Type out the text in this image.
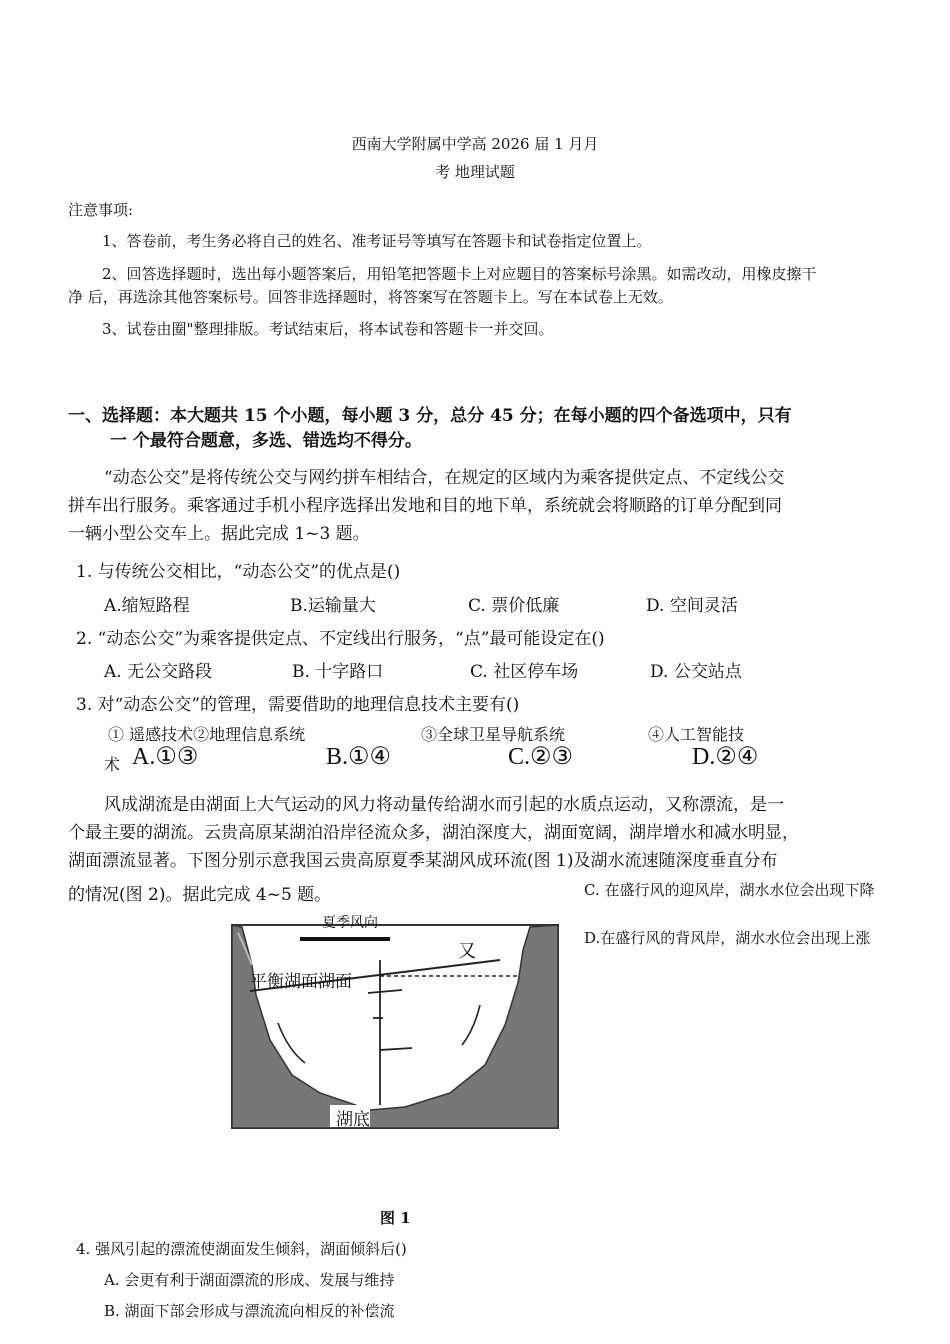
西南大学附属中学高 2026 届 1 月月
考 地理试题
注意事项:
1、答卷前，考生务必将自己的姓名、准考证号等填写在答题卡和试卷指定位置上。
2、回答选择题时，选出每小题答案后，用铅笔把答题卡上对应题目的答案标号涂黑。如需改动，用橡皮擦干
净 后，再选涂其他答案标号。回答非选择题时，将答案写在答题卡上。写在本试卷上无效。
3、试卷由圈"整理排版。考试结束后，将本试卷和答题卡一并交回。
一、选择题：本大题共 15 个小题，每小题 3 分，总分 45 分；在每小题的四个备选项中，只有
一 个最符合题意，多选、错选均不得分。
“动态公交”是将传统公交与网约拼车相结合，在规定的区域内为乘客提供定点、不定线公交
拼车出行服务。乘客通过手机小程序选择出发地和目的地下单，系统就会将顺路的订单分配到同
一辆小型公交车上。据此完成 1~3 题。
1. 与传统公交相比，“动态公交”的优点是()
A.缩短路程	B.运输量大	C. 票价低廉	D. 空间灵活
2. “动态公交”为乘客提供定点、不定线出行服务，“点”最可能设定在()
A. 无公交路段	B. 十字路口	C. 社区停车场	D. 公交站点
3. 对“动态公交”的管理，需要借助的地理信息技术主要有()
① 遥感技术②地理信息系统	③全球卫星导航系统	④人工智能技
术 A.①③	B.①④	C.②③	D.②④
风成湖流是由湖面上大气运动的风力将动量传给湖水而引起的水质点运动，又称漂流，是一
个最主要的湖流。云贵高原某湖泊沿岸径流众多，湖泊深度大，湖面宽阔，湖岸增水和减水明显，
湖面漂流显著。下图分别示意我国云贵高原夏季某湖风成环流(图 1)及湖水流速随深度垂直分布
的情况(图 2)。据此完成 4~5 题。	C. 在盛行风的迎风岸，湖水水位会出现下降
D.在盛行风的背风岸，湖水水位会出现上涨
夏季风向
又
平衡湖面湖面
湖底
图 1
4. 强风引起的漂流使湖面发生倾斜，湖面倾斜后()
A. 会更有利于湖面漂流的形成、发展与维持
B. 湖面下部会形成与漂流流向相反的补偿流
